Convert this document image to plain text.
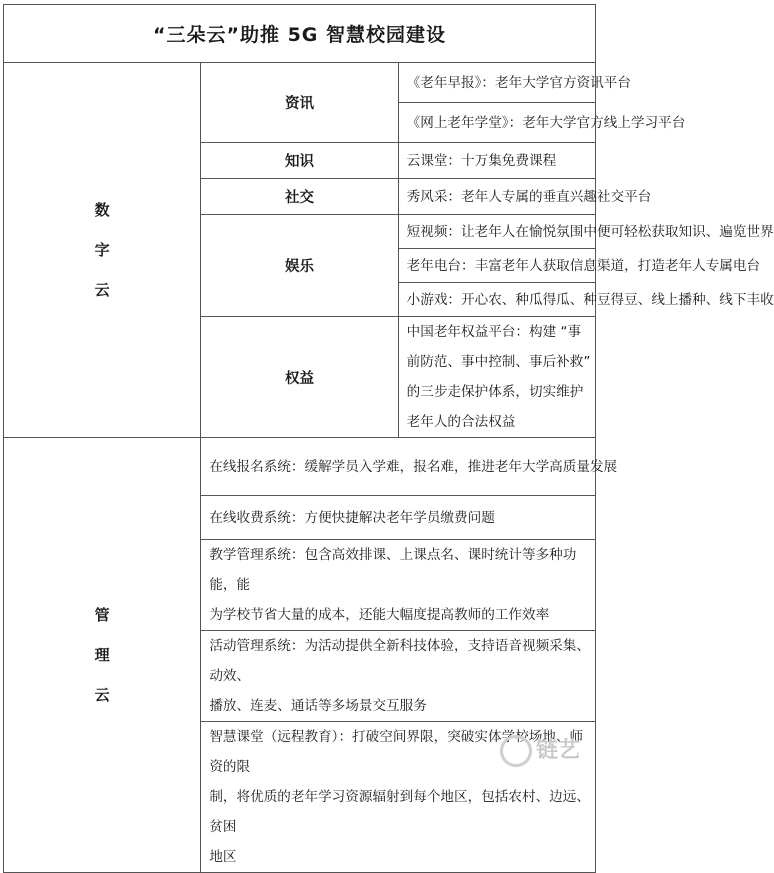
“三朵云”助推 5G 智慧校园建设		

数
字
云	资讯	《老年早报》：老年大学官方资讯平台
		《网上老年学堂》：老年大学官方线上学习平台
	知识	云课堂：十万集免费课程
	社交	秀风采：老年人专属的垂直兴趣社交平台
	娱乐	短视频：让老年人在愉悦氛围中便可轻松获取知识、遍览世界
		老年电台：丰富老年人获取信息渠道，打造老年人专属电台
		小游戏：开心农、种瓜得瓜、种豆得豆、线上播种、线下丰收
	权益	中国老年权益平台：构建 “事前防范、事中控制、事后补救”
的三步走保护体系，切实维护老年人的合法权益

管
理
云	在线报名系统：缓解学员入学难，报名难，推进老年大学高质量发展	
	在线收费系统：方便快捷解决老年学员缴费问题	

	教学管理系统：包含高效排课、上课点名、课时统计等多种功能，能
为学校节省大量的成本，还能大幅度提高教师的工作效率	

	活动管理系统：为活动提供全新科技体验，支持语音视频采集、动效、
播放、连麦、通话等多场景交互服务	

	智慧课堂（远程教育）：打破空间界限，突破实体学校场地、师资的限
制，将优质的老年学习资源辐射到每个地区，包括农村、边远、贫困
地区	
链艺
